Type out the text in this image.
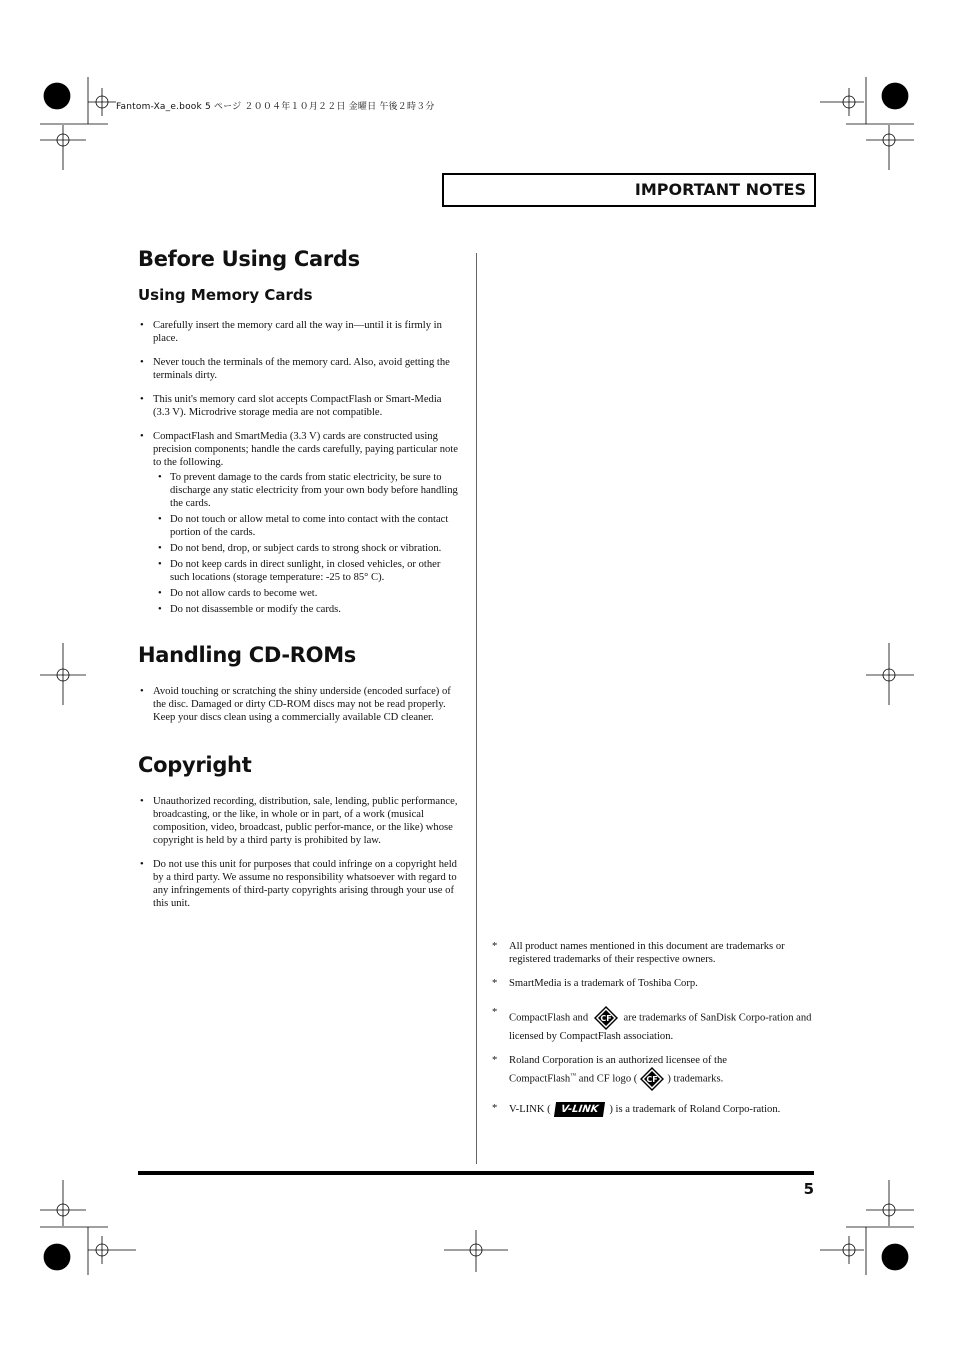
Fantom-Xa_e.book 5 ページ ２００４年１０月２２日 金曜日 午後２時３分
IMPORTANT NOTES
Before Using Cards
Using Memory Cards
• Carefully insert the memory card all the way in—until it is firmly in place.
• Never touch the terminals of the memory card. Also, avoid getting the terminals dirty.
• This unit's memory card slot accepts CompactFlash or Smart-Media (3.3 V). Microdrive storage media are not compatible.
• CompactFlash and SmartMedia (3.3 V) cards are constructed using precision components; handle the cards carefully, paying particular note to the following.
• To prevent damage to the cards from static electricity, be sure to discharge any static electricity from your own body before handling the cards.
• Do not touch or allow metal to come into contact with the contact portion of the cards.
• Do not bend, drop, or subject cards to strong shock or vibration.
• Do not keep cards in direct sunlight, in closed vehicles, or other such locations (storage temperature: -25 to 85° C).
• Do not allow cards to become wet.
• Do not disassemble or modify the cards.
Handling CD-ROMs
• Avoid touching or scratching the shiny underside (encoded surface) of the disc. Damaged or dirty CD-ROM discs may not be read properly. Keep your discs clean using a commercially available CD cleaner.
Copyright
• Unauthorized recording, distribution, sale, lending, public performance, broadcasting, or the like, in whole or in part, of a work (musical composition, video, broadcast, public perfor-mance, or the like) whose copyright is held by a third party is prohibited by law.
• Do not use this unit for purposes that could infringe on a copyright held by a third party. We assume no responsibility whatsoever with regard to any infringements of third-party copyrights arising through your use of this unit.
* All product names mentioned in this document are trademarks or registered trademarks of their respective owners.
* SmartMedia is a trademark of Toshiba Corp.
* CompactFlash and CF are trademarks of SanDisk Corpo-ration and licensed by CompactFlash association.
* Roland Corporation is an authorized licensee of the
CompactFlash™ and CF logo ( CF ) trademarks.
* V-LINK ( V-LINK ) is a trademark of Roland Corpo-ration.
5
